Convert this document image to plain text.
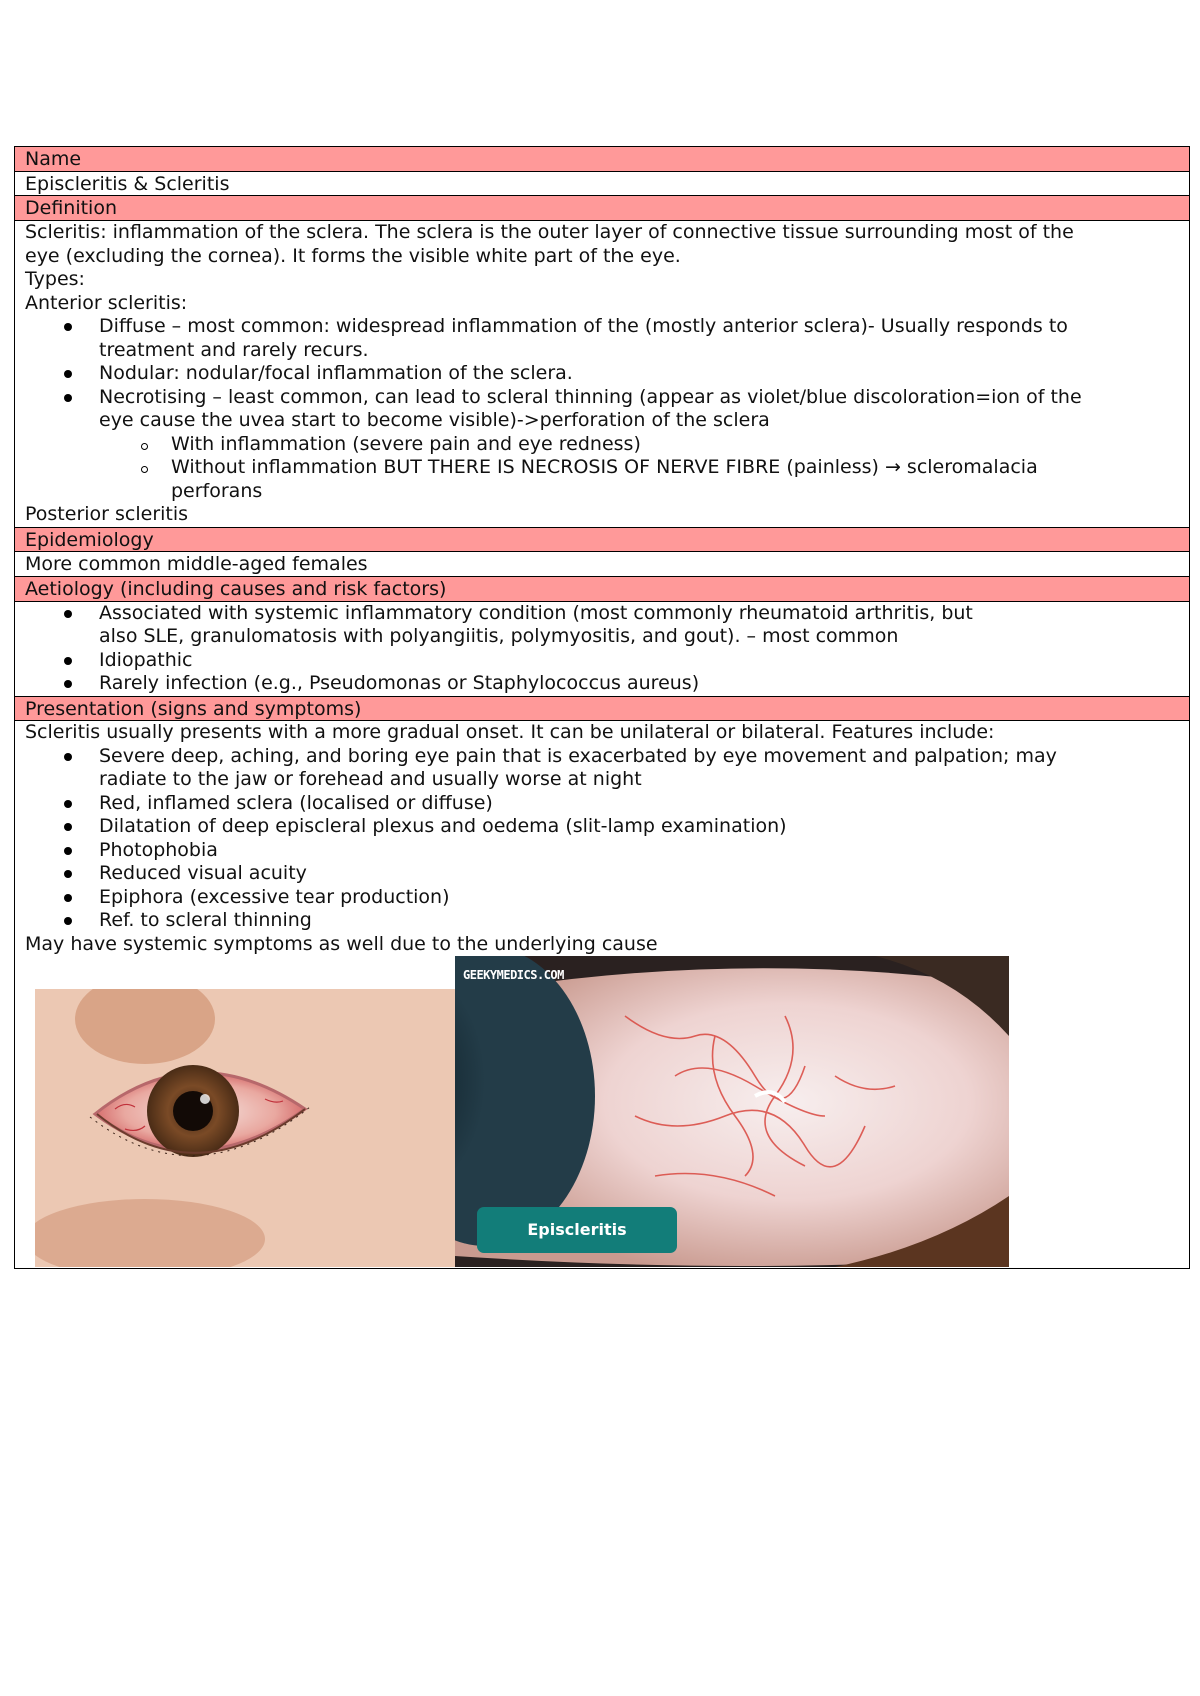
Name
Episcleritis & Scleritis
Definition
Scleritis: inflammation of the sclera. The sclera is the outer layer of connective tissue surrounding most of the
eye (excluding the cornea). It forms the visible white part of the eye.
Types:
Anterior scleritis:
Diffuse – most common: widespread inflammation of the (mostly anterior sclera)- Usually responds to
treatment and rarely recurs.
Nodular: nodular/focal inflammation of the sclera.
Necrotising – least common, can lead to scleral thinning (appear as violet/blue discoloration=ion of the
eye cause the uvea start to become visible)->perforation of the sclera
With inflammation (severe pain and eye redness)
Without inflammation BUT THERE IS NECROSIS OF NERVE FIBRE (painless) → scleromalacia
perforans
Posterior scleritis
Epidemiology
More common middle-aged females
Aetiology (including causes and risk factors)
Associated with systemic inflammatory condition (most commonly rheumatoid arthritis, but
also SLE, granulomatosis with polyangiitis, polymyositis, and gout). – most common
Idiopathic
Rarely infection (e.g., Pseudomonas or Staphylococcus aureus)
Presentation (signs and symptoms)
Scleritis usually presents with a more gradual onset. It can be unilateral or bilateral. Features include:
Severe deep, aching, and boring eye pain that is exacerbated by eye movement and palpation; may
radiate to the jaw or forehead and usually worse at night
Red, inflamed sclera (localised or diffuse)
Dilatation of deep episcleral plexus and oedema (slit-lamp examination)
Photophobia
Reduced visual acuity
Epiphora (excessive tear production)
Ref. to scleral thinning
May have systemic symptoms as well due to the underlying cause
GEEKYMEDICS.COM
Episcleritis
